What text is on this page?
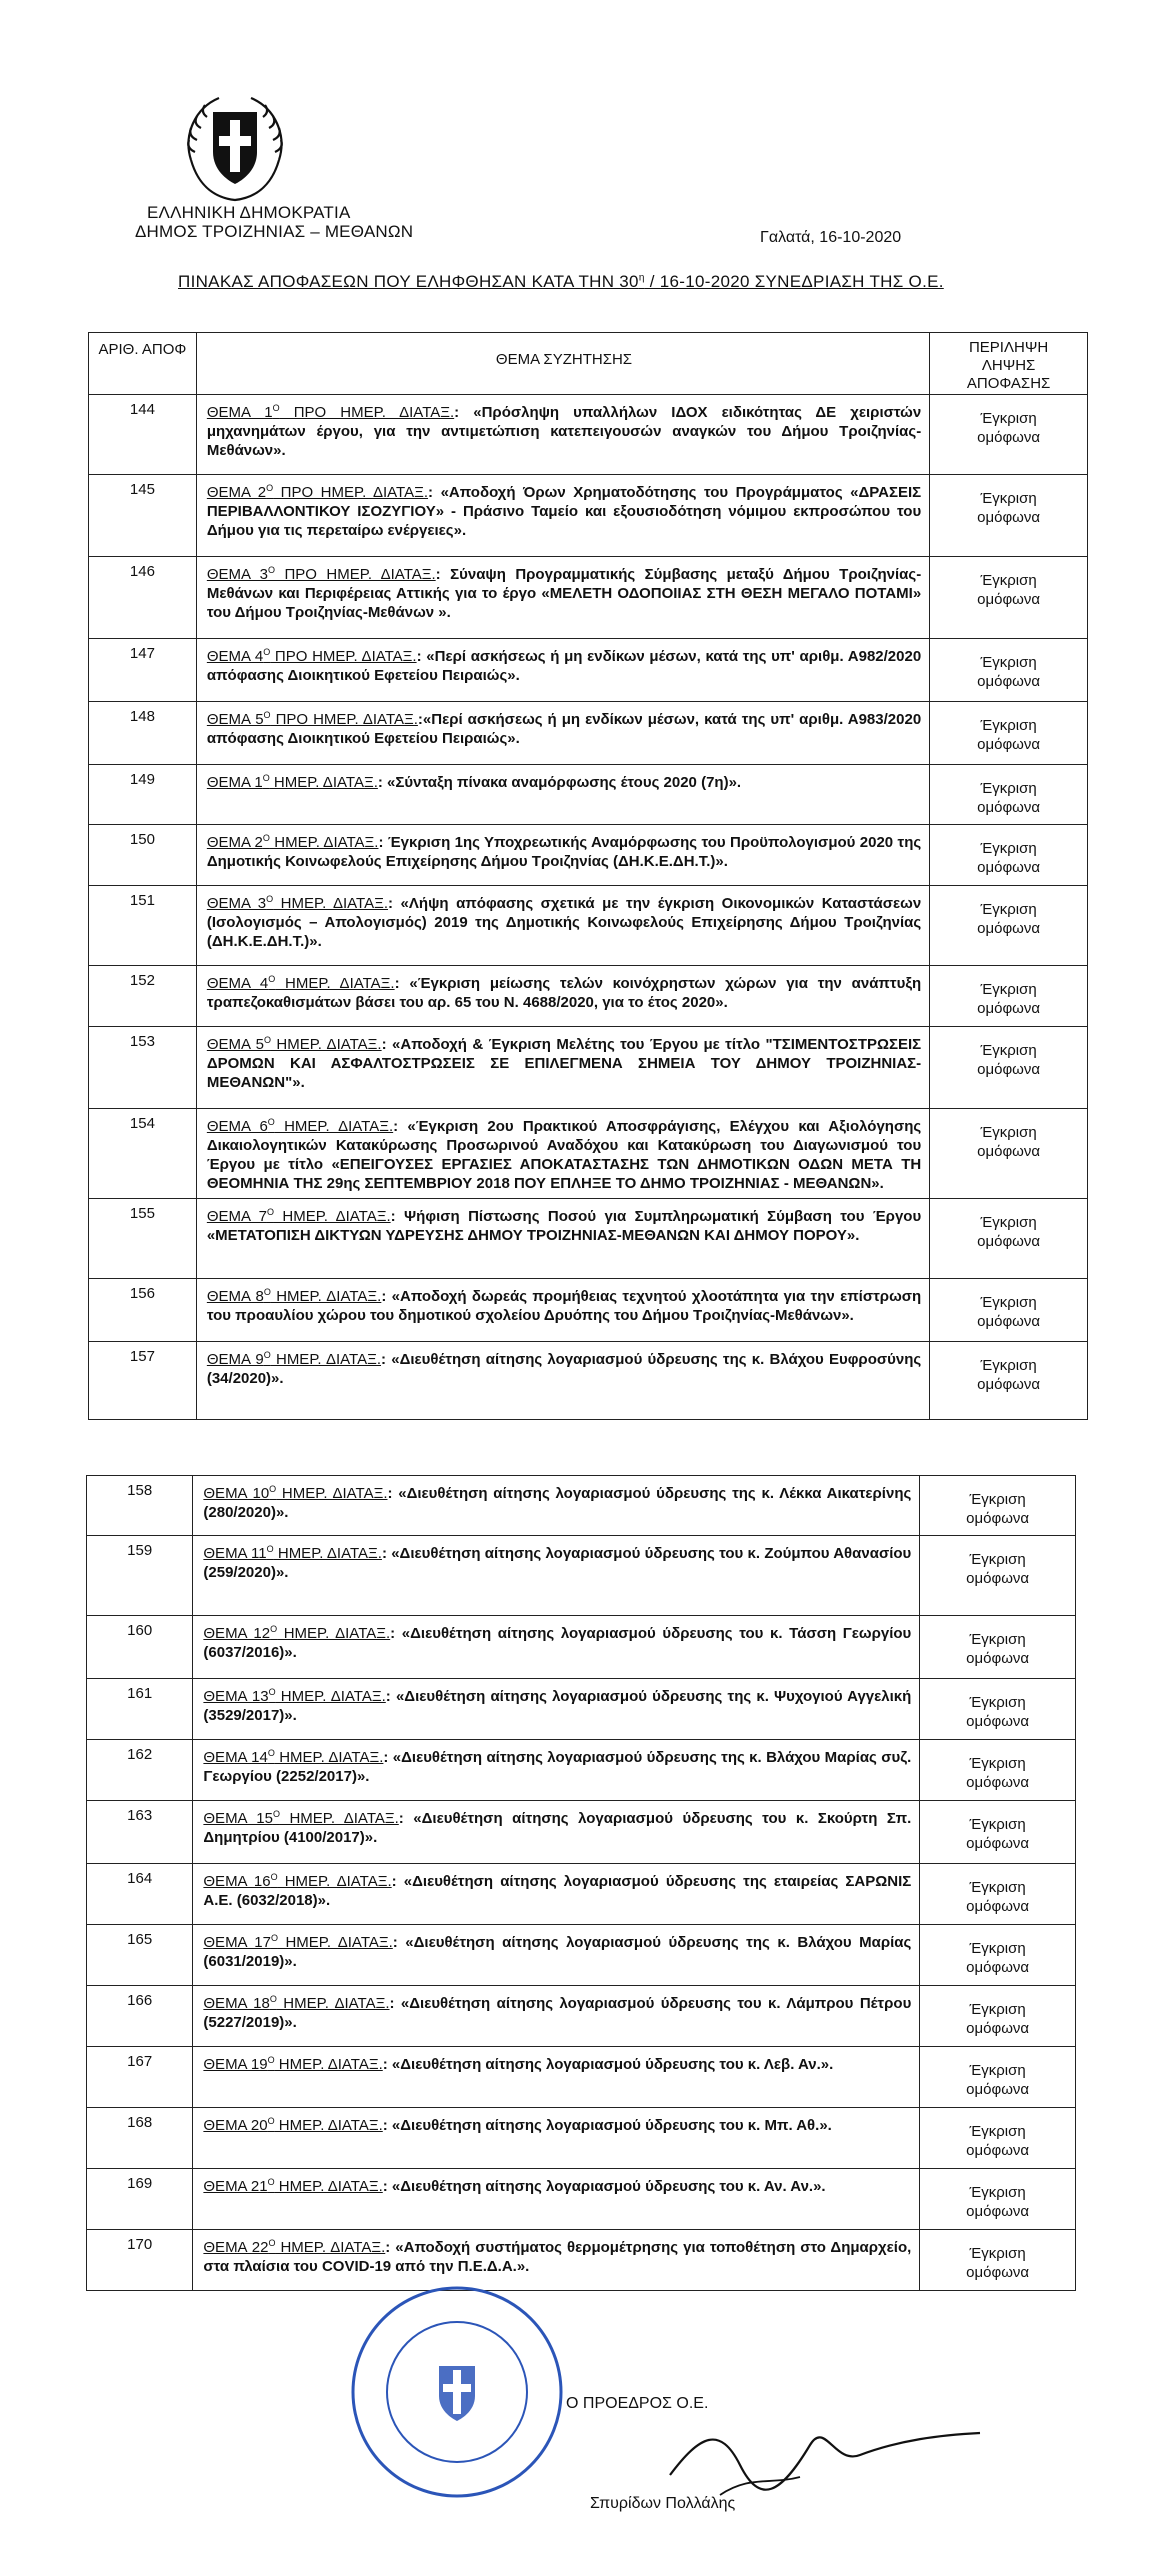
ΕΛΛΗΝΙΚΗ ΔΗΜΟΚΡΑΤΙΑ
ΔΗΜΟΣ ΤΡΟΙΖΗΝΙΑΣ – ΜΕΘΑΝΩΝ	Γαλατά, 16-10-2020
ΠΙΝΑΚΑΣ ΑΠΟΦΑΣΕΩΝ ΠΟΥ ΕΛΗΦΘΗΣΑΝ ΚΑΤΑ ΤΗΝ $30^\eta / 16-10-2020$ ΣΥΝΕΔΡΙΑΣΗ ΤΗΣ Ο.Ε.
ΑΡΙΘ. ΑΠΟΦ	ΘΕΜΑ ΣΥΖΗΤΗΣΗΣ	ΠΕΡΙΛΗΨΗ ΛΗΨΗΣ ΑΠΟΦΑΣΗΣ

144	ΘΕΜΑ $1^O$ ΠΡΟ ΗΜΕΡ. ΔΙΑΤΑΞ.: «Πρόσληψη υπαλλήλων ΙΔΟΧ ειδικότητας ΔΕ χειριστών μηχανημάτων έργου, για την αντιμετώπιση κατεπειγουσών αναγκών του Δήμου Τροιζηνίας-Μεθάνων».	Έγκριση ομόφωνα

145	ΘΕΜΑ $2^O$ ΠΡΟ ΗΜΕΡ. ΔΙΑΤΑΞ.: «Αποδοχή Όρων Χρηματοδότησης του Προγράμματος «ΔΡΑΣΕΙΣ ΠΕΡΙΒΑΛΛΟΝΤΙΚΟΥ ΙΣΟΖΥΓΙΟΥ» - Πράσινο Ταμείο και εξουσιοδότηση νόμιμου εκπροσώπου του Δήμου για τις περεταίρω ενέργειες».	Έγκριση ομόφωνα

146	ΘΕΜΑ $3^O$ ΠΡΟ ΗΜΕΡ. ΔΙΑΤΑΞ.: Σύναψη Προγραμματικής Σύμβασης μεταξύ Δήμου Τροιζηνίας-Μεθάνων και Περιφέρειας Αττικής για το έργο «ΜΕΛΕΤΗ ΟΔΟΠΟΙΙΑΣ ΣΤΗ ΘΕΣΗ ΜΕΓΑΛΟ ΠΟΤΑΜΙ» του Δήμου Τροιζηνίας-Μεθάνων ».	Έγκριση ομόφωνα

147	ΘΕΜΑ $4^O$ ΠΡΟ ΗΜΕΡ. ΔΙΑΤΑΞ.: «Περί ασκήσεως ή μη ενδίκων μέσων, κατά της υπ' αριθμ. Α982/2020 απόφασης Διοικητικού Εφετείου Πειραιώς».	Έγκριση ομόφωνα

148	ΘΕΜΑ $5^O$ ΠΡΟ ΗΜΕΡ. ΔΙΑΤΑΞ.:«Περί ασκήσεως ή μη ενδίκων μέσων, κατά της υπ' αριθμ. Α983/2020 απόφασης Διοικητικού Εφετείου Πειραιώς».	Έγκριση ομόφωνα

149	ΘΕΜΑ $1^O$ ΗΜΕΡ. ΔΙΑΤΑΞ.: «Σύνταξη πίνακα αναμόρφωσης έτους 2020 (7η)».	Έγκριση ομόφωνα

150	ΘΕΜΑ $2^O$ ΗΜΕΡ. ΔΙΑΤΑΞ.: Έγκριση 1ης Υποχρεωτικής Αναμόρφωσης του Προϋπολογισμού 2020 της Δημοτικής Κοινωφελούς Επιχείρησης Δήμου Τροιζηνίας (ΔΗ.Κ.Ε.ΔΗ.Τ.)».	Έγκριση ομόφωνα

151	ΘΕΜΑ $3^O$ ΗΜΕΡ. ΔΙΑΤΑΞ.: «Λήψη απόφασης σχετικά με την έγκριση Οικονομικών Καταστάσεων (Ισολογισμός – Απολογισμός) 2019 της Δημοτικής Κοινωφελούς Επιχείρησης Δήμου Τροιζηνίας (ΔΗ.Κ.Ε.ΔΗ.Τ.)».	Έγκριση ομόφωνα

152	ΘΕΜΑ $4^O$ ΗΜΕΡ. ΔΙΑΤΑΞ.: «Έγκριση μείωσης τελών κοινόχρηστων χώρων για την ανάπτυξη τραπεζοκαθισμάτων βάσει του αρ. 65 του Ν. 4688/2020, για το έτος 2020».	Έγκριση ομόφωνα

153	ΘΕΜΑ $5^O$ ΗΜΕΡ. ΔΙΑΤΑΞ.: «Αποδοχή & Έγκριση Μελέτης του Έργου με τίτλο "ΤΣΙΜΕΝΤΟΣΤΡΩΣΕΙΣ ΔΡΟΜΩΝ ΚΑΙ ΑΣΦΑΛΤΟΣΤΡΩΣΕΙΣ ΣΕ ΕΠΙΛΕΓΜΕΝΑ ΣΗΜΕΙΑ ΤΟΥ ΔΗΜΟΥ ΤΡΟΙΖΗΝΙΑΣ-ΜΕΘΑΝΩΝ"».	Έγκριση ομόφωνα

154	ΘΕΜΑ $6^O$ ΗΜΕΡ. ΔΙΑΤΑΞ.: «Έγκριση 2ου Πρακτικού Αποσφράγισης, Ελέγχου και Αξιολόγησης Δικαιολογητικών Κατακύρωσης Προσωρινού Αναδόχου και Κατακύρωση του Διαγωνισμού του Έργου με τίτλο «ΕΠΕΙΓΟΥΣΕΣ ΕΡΓΑΣΙΕΣ ΑΠΟΚΑΤΑΣΤΑΣΗΣ ΤΩΝ ΔΗΜΟΤΙΚΩΝ ΟΔΩΝ ΜΕΤΑ ΤΗ ΘΕΟΜΗΝΙΑ ΤΗΣ 29ης ΣΕΠΤΕΜΒΡΙΟΥ 2018 ΠΟΥ ΕΠΛΗΞΕ ΤΟ ΔΗΜΟ ΤΡΟΙΖΗΝΙΑΣ - ΜΕΘΑΝΩΝ».	Έγκριση ομόφωνα

155	ΘΕΜΑ $7^O$ ΗΜΕΡ. ΔΙΑΤΑΞ.: Ψήφιση Πίστωσης Ποσού για Συμπληρωματική Σύμβαση του Έργου «ΜΕΤΑΤΟΠΙΣΗ ΔΙΚΤΥΩΝ ΥΔΡΕΥΣΗΣ ΔΗΜΟΥ ΤΡΟΙΖΗΝΙΑΣ-ΜΕΘΑΝΩΝ ΚΑΙ ΔΗΜΟΥ ΠΟΡΟΥ».	Έγκριση ομόφωνα

156	ΘΕΜΑ $8^O$ ΗΜΕΡ. ΔΙΑΤΑΞ.: «Αποδοχή δωρεάς προμήθειας τεχνητού χλοοτάπητα για την επίστρωση του προαυλίου χώρου του δημοτικού σχολείου Δρυόπης του Δήμου Τροιζηνίας-Μεθάνων».	Έγκριση ομόφωνα

157	ΘΕΜΑ $9^O$ ΗΜΕΡ. ΔΙΑΤΑΞ.: «Διευθέτηση αίτησης λογαριασμού ύδρευσης της κ. Βλάχου Ευφροσύνης (34/2020)».	Έγκριση ομόφωνα
158	ΘΕΜΑ $10^O$ ΗΜΕΡ. ΔΙΑΤΑΞ.: «Διευθέτηση αίτησης λογαριασμού ύδρευσης της κ. Λέκκα Αικατερίνης (280/2020)».	Έγκριση ομόφωνα

159	ΘΕΜΑ $11^O$ ΗΜΕΡ. ΔΙΑΤΑΞ.: «Διευθέτηση αίτησης λογαριασμού ύδρευσης του κ. Ζούμπου Αθανασίου (259/2020)».	Έγκριση ομόφωνα

160	ΘΕΜΑ $12^O$ ΗΜΕΡ. ΔΙΑΤΑΞ.: «Διευθέτηση αίτησης λογαριασμού ύδρευσης του κ. Τάσση Γεωργίου (6037/2016)».	Έγκριση ομόφωνα

161	ΘΕΜΑ $13^O$ ΗΜΕΡ. ΔΙΑΤΑΞ.: «Διευθέτηση αίτησης λογαριασμού ύδρευσης της κ. Ψυχογιού Αγγελική (3529/2017)».	Έγκριση ομόφωνα

162	ΘΕΜΑ $14^O$ ΗΜΕΡ. ΔΙΑΤΑΞ.: «Διευθέτηση αίτησης λογαριασμού ύδρευσης της κ. Βλάχου Μαρίας συζ. Γεωργίου (2252/2017)».	Έγκριση ομόφωνα

163	ΘΕΜΑ $15^O$ ΗΜΕΡ. ΔΙΑΤΑΞ.: «Διευθέτηση αίτησης λογαριασμού ύδρευσης του κ. Σκούρτη Σπ. Δημητρίου (4100/2017)».	Έγκριση ομόφωνα

164	ΘΕΜΑ $16^O$ ΗΜΕΡ. ΔΙΑΤΑΞ.: «Διευθέτηση αίτησης λογαριασμού ύδρευσης της εταιρείας ΣΑΡΩΝΙΣ Α.Ε. (6032/2018)».	Έγκριση ομόφωνα

165	ΘΕΜΑ $17^O$ ΗΜΕΡ. ΔΙΑΤΑΞ.: «Διευθέτηση αίτησης λογαριασμού ύδρευσης της κ. Βλάχου Μαρίας (6031/2019)».	Έγκριση ομόφωνα

166	ΘΕΜΑ $18^O$ ΗΜΕΡ. ΔΙΑΤΑΞ.: «Διευθέτηση αίτησης λογαριασμού ύδρευσης του κ. Λάμπρου Πέτρου (5227/2019)».	Έγκριση ομόφωνα

167	ΘΕΜΑ $19^O$ ΗΜΕΡ. ΔΙΑΤΑΞ.: «Διευθέτηση αίτησης λογαριασμού ύδρευσης του κ. Λεβ. Αν.».	Έγκριση ομόφωνα

168	ΘΕΜΑ $20^O$ ΗΜΕΡ. ΔΙΑΤΑΞ.: «Διευθέτηση αίτησης λογαριασμού ύδρευσης του κ. Μπ. Αθ.».	Έγκριση ομόφωνα

169	ΘΕΜΑ $21^O$ ΗΜΕΡ. ΔΙΑΤΑΞ.: «Διευθέτηση αίτησης λογαριασμού ύδρευσης του κ. Αν. Αν.».	Έγκριση ομόφωνα

170	ΘΕΜΑ $22^O$ ΗΜΕΡ. ΔΙΑΤΑΞ.: «Αποδοχή συστήματος θερμομέτρησης για τοποθέτηση στο Δημαρχείο, στα πλαίσια του COVID-19 από την Π.Ε.Δ.Α.».	Έγκριση ομόφωνα
Ο ΠΡΟΕΔΡΟΣ Ο.Ε.
Σπυρίδων Πολλάλης
